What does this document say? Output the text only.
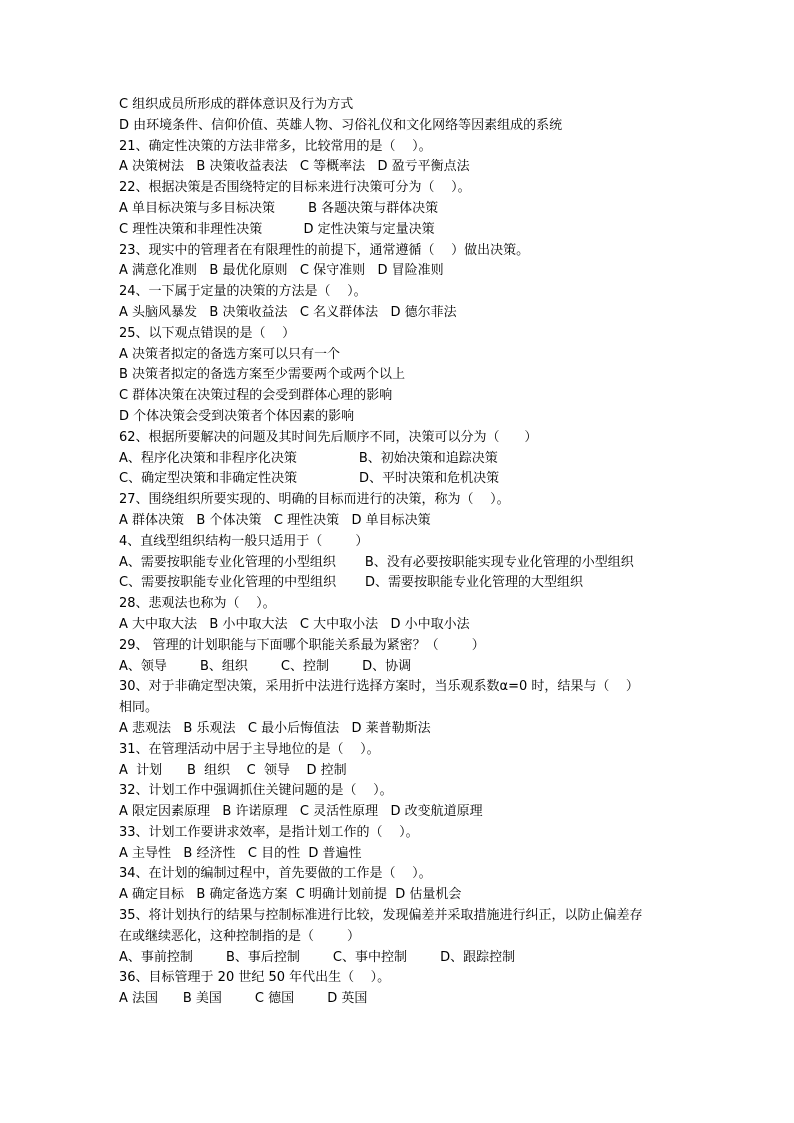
C 组织成员所形成的群体意识及行为方式
D 由环境条件、信仰价值、英雄人物、习俗礼仪和文化网络等因素组成的系统
21、确定性决策的方法非常多，比较常用的是（    ）。
A 决策树法   B 决策收益表法   C 等概率法   D 盈亏平衡点法
22、根据决策是否围绕特定的目标来进行决策可分为（    ）。
A 单目标决策与多目标决策        B 各题决策与群体决策
C 理性决策和非理性决策          D 定性决策与定量决策
23、现实中的管理者在有限理性的前提下，通常遵循（    ）做出决策。
A 满意化准则   B 最优化原则   C 保守准则   D 冒险准则
24、一下属于定量的决策的方法是（    ）。
A 头脑风暴发   B 决策收益法   C 名义群体法   D 德尔菲法
25、以下观点错误的是（    ）
A 决策者拟定的备选方案可以只有一个
B 决策者拟定的备选方案至少需要两个或两个以上
C 群体决策在决策过程的会受到群体心理的影响
D 个体决策会受到决策者个体因素的影响
62、根据所要解决的问题及其时间先后顺序不同，决策可以分为（      ）
A、程序化决策和非程序化决策               B、初始决策和追踪决策
C、确定型决策和非确定性决策               D、平时决策和危机决策
27、围绕组织所要实现的、明确的目标而进行的决策，称为（    ）。
A 群体决策   B 个体决策   C 理性决策   D 单目标决策
4、直线型组织结构一般只适用于（        ）
A、需要按职能专业化管理的小型组织       B、没有必要按职能实现专业化管理的小型组织
C、需要按职能专业化管理的中型组织       D、需要按职能专业化管理的大型组织
28、悲观法也称为（    ）。
A 大中取大法   B 小中取大法   C 大中取小法   D 小中取小法
29、 管理的计划职能与下面哪个职能关系最为紧密？（        ）
A、领导        B、组织        C、控制        D、协调
30、对于非确定型决策，采用折中法进行选择方案时，当乐观系数α=0 时，结果与（    ）
相同。
A 悲观法   B 乐观法   C 最小后悔值法   D 莱普勒斯法
31、在管理活动中居于主导地位的是（    ）。
A  计划      B  组织    C  领导    D 控制
32、计划工作中强调抓住关键问题的是（    ）。
A 限定因素原理   B 许诺原理   C 灵活性原理   D 改变航道原理
33、计划工作要讲求效率，是指计划工作的（    ）。
A 主导性   B 经济性   C 目的性  D 普遍性
34、在计划的编制过程中，首先要做的工作是（    ）。
A 确定目标   B 确定备选方案  C 明确计划前提  D 估量机会
35、将计划执行的结果与控制标准进行比较，发现偏差并采取措施进行纠正，以防止偏差存
在或继续恶化，这种控制指的是（        ）
A、事前控制        B、事后控制        C、事中控制        D、跟踪控制
36、目标管理于 20 世纪 50 年代出生（    ）。
A 法国      B 美国        C 德国        D 英国
